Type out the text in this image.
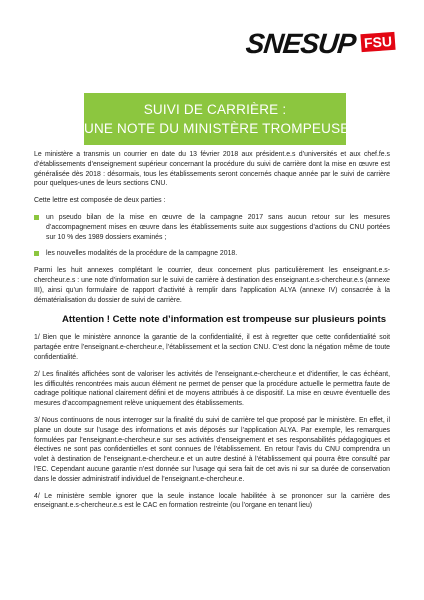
SNESUP FSU
SUIVI DE CARRIÈRE :
UNE NOTE DU MINISTÈRE TROMPEUSE !

Le ministère a transmis un courrier en date du 13 février 2018 aux président.e.s d’universités et aux chef.fe.s d’établissements d’enseignement supérieur concernant la procédure du suivi de carrière dont la mise en œuvre est généralisée dès 2018 : désormais, tous les établissements seront concernés chaque année par le suivi de carrière pour quelques-unes de leurs sections CNU.

Cette lettre est composée de deux parties :

un pseudo bilan de la mise en œuvre de la campagne 2017 sans aucun retour sur les mesures d’accompagnement mises en œuvre dans les établissements suite aux suggestions d’actions du CNU portées sur 10 % des 1989 dossiers examinés ;

les nouvelles modalités de la procédure de la campagne 2018.

Parmi les huit annexes complétant le courrier, deux concernent plus particulièrement les enseignant.e.s-chercheur.e.s : une note d’information sur le suivi de carrière à destination des enseignant.e.s-chercheur.e.s (annexe III), ainsi qu’un formulaire de rapport d’activité à remplir dans l’application ALYA (annexe IV) consacrée à la dématérialisation du dossier de suivi de carrière.

Attention ! Cette note d’information est trompeuse sur plusieurs points

1/ Bien que le ministère annonce la garantie de la confidentialité, il est à regretter que cette confidentialité soit partagée entre l’enseignant.e-chercheur.e, l’établissement et la section CNU. C’est donc la négation même de toute confidentialité.

2/ Les finalités affichées sont de valoriser les activités de l’enseignant.e-chercheur.e et d’identifier, le cas échéant, les difficultés rencontrées mais aucun élément ne permet de penser que la procédure actuelle le permettra faute de cadrage politique national clairement défini et de moyens attribués à ce dispositif. La mise en œuvre éventuelle des mesures d’accompagnement relève uniquement des établissements.

3/ Nous continuons de nous interroger sur la finalité du suivi de carrière tel que proposé par le ministère. En effet, il plane un doute sur l’usage des informations et avis déposés sur l’application ALYA. Par exemple, les remarques formulées par l’enseignant.e-chercheur.e sur ses activités d’enseignement et ses responsabilités pédagogiques et électives ne sont pas confidentielles et sont connues de l’établissement. En retour l’avis du CNU comprendra un volet à destination de l’enseignant.e-chercheur.e et un autre destiné à l’établissement qui pourra être consulté par l’EC. Cependant aucune garantie n’est donnée sur l’usage qui sera fait de cet avis ni sur sa durée de conservation dans le dossier administratif individuel de l’enseignant.e-chercheur.e.

4/ Le ministère semble ignorer que la seule instance locale habilitée à se prononcer sur la carrière des enseignant.e.s-chercheur.e.s est le CAC en formation restreinte (ou l’organe en tenant lieu)
